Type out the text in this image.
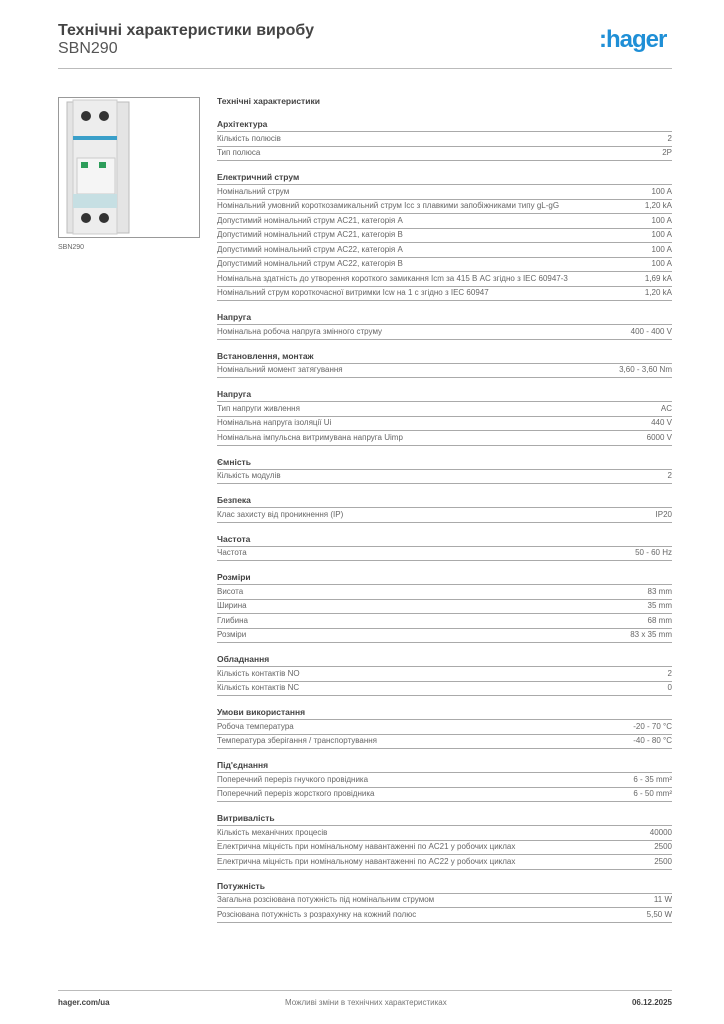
Технічні характеристики виробу
SBN290	:hager
SBN290
Технічні характеристики
Архітектура
Кількість полюсів	2
Тип полюса	2P
Електричний струм
Номінальний струм	100 A
Номінальний умовний короткозамикальний струм Icc з плавкими запобіжниками типу gL-gG	1,20 kA
Допустимий номінальний струм AC21, категорія A	100 A
Допустимий номінальний струм AC21, категорія B	100 A
Допустимий номінальний струм AC22, категорія A	100 A
Допустимий номінальний струм AC22, категорія B	100 A
Номінальна здатність до утворення короткого замикання Icm за 415 В AC згідно з IEC 60947-3	1,69 kA
Номінальний струм короткочасної витримки Icw на 1 с згідно з IEC 60947	1,20 kA
Напруга
Номінальна робоча напруга змінного струму	400 - 400 V
Встановлення, монтаж
Номінальний момент затягування	3,60 - 3,60 Nm
Напруга
Тип напруги живлення	AC
Номінальна напруга ізоляції Ui	440 V
Номінальна імпульсна витримувана напруга Uimp	6000 V
Ємність
Кількість модулів	2
Безпека
Клас захисту від проникнення (IP)	IP20
Частота
Частота	50 - 60 Hz
Розміри
Висота	83 mm
Ширина	35 mm
Глибина	68 mm
Розміри	83 x 35 mm
Обладнання
Кількість контактів NO	2
Кількість контактів NC	0
Умови використання
Робоча температура	-20 - 70 °C
Температура зберігання / транспортування	-40 - 80 °C
Під'єднання
Поперечний переріз гнучкого провідника	6 - 35 mm²
Поперечний переріз жорсткого провідника	6 - 50 mm²
Витривалість
Кількість механічних процесів	40000
Електрична міцність при номінальному навантаженні по AC21 у робочих циклах	2500
Електрична міцність при номінальному навантаженні по AC22 у робочих циклах	2500
Потужність
Загальна розсіювана потужність під номінальним струмом	11 W
Розсіювана потужність з розрахунку на кожний полюс	5,50 W
hager.com/ua	Можливі зміни в технічних характеристиках	06.12.2025
